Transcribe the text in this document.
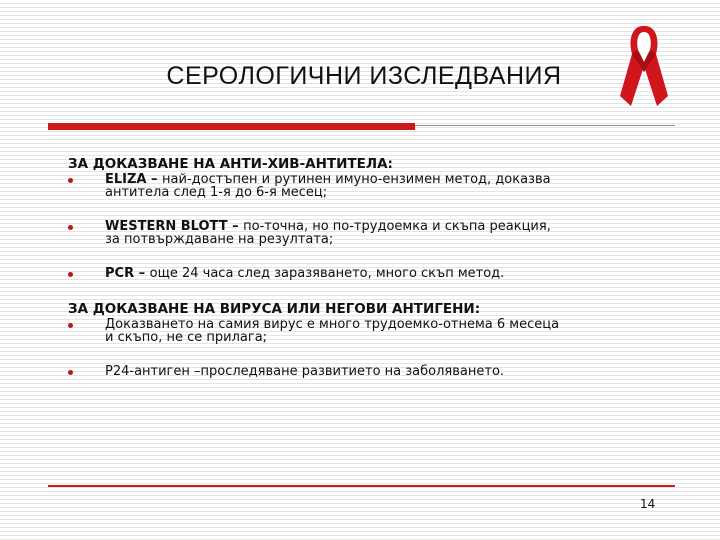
СЕРОЛОГИЧНИ ИЗСЛЕДВАНИЯ
ЗА ДОКАЗВАНЕ НА АНТИ-ХИВ-АНТИТЕЛА:
ELIZA – най-достъпен и рутинен имуно-ензимен метод, доказва
антитела след 1-я до 6-я месец;
WESTERN BLOTT – по-точна, но по-трудоемка и скъпа реакция,
за потвърждаване на резултата;
PCR – още 24 часа след заразяването, много скъп метод.
ЗА ДОКАЗВАНЕ НА ВИРУСА ИЛИ НЕГОВИ АНТИГЕНИ:
Доказването на самия вирус е много трудоемко-отнема 6 месеца
и скъпо, не се прилага;
Р24-антиген –проследяване развитието на заболяването.
14
